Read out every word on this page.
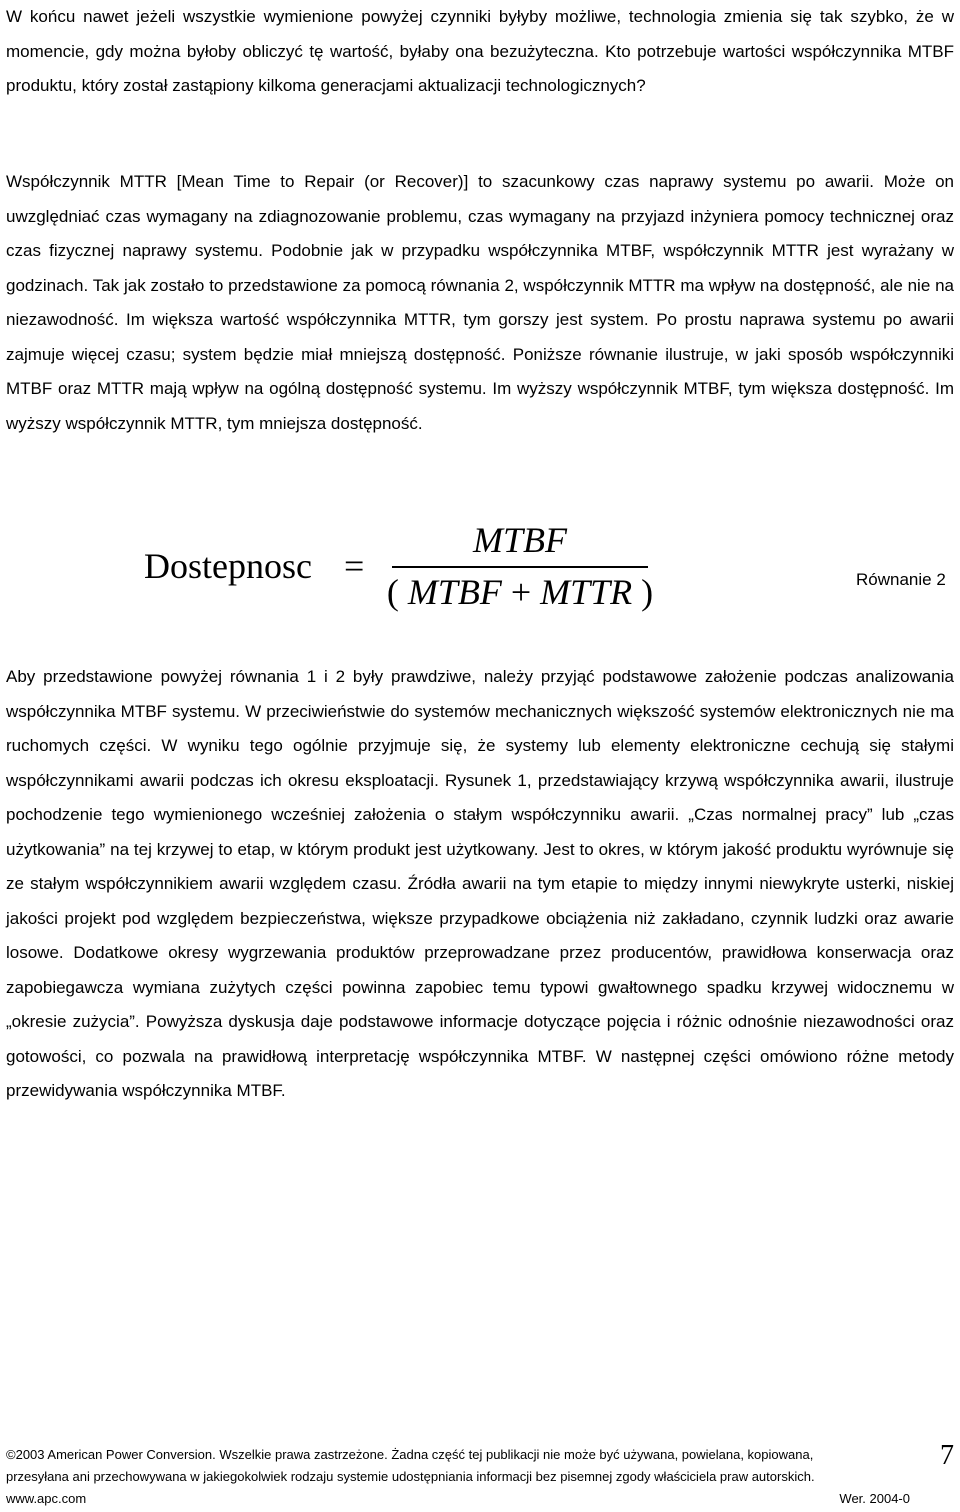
W końcu nawet jeżeli wszystkie wymienione powyżej czynniki byłyby możliwe, technologia zmienia się tak szybko, że w momencie, gdy można byłoby obliczyć tę wartość, byłaby ona bezużyteczna. Kto potrzebuje wartości współczynnika MTBF produktu, który został zastąpiony kilkoma generacjami aktualizacji technologicznych?

Współczynnik MTTR [Mean Time to Repair (or Recover)] to szacunkowy czas naprawy systemu po awarii. Może on uwzględniać czas wymagany na zdiagnozowanie problemu, czas wymagany na przyjazd inżyniera pomocy technicznej oraz czas fizycznej naprawy systemu. Podobnie jak w przypadku współczynnika MTBF, współczynnik MTTR jest wyrażany w godzinach. Tak jak zostało to przedstawione za pomocą równania 2, współczynnik MTTR ma wpływ na dostępność, ale nie na niezawodność. Im większa wartość współczynnika MTTR, tym gorszy jest system. Po prostu naprawa systemu po awarii zajmuje więcej czasu; system będzie miał mniejszą dostępność. Poniższe równanie ilustruje, w jaki sposób współczynniki MTBF oraz MTTR mają wpływ na ogólną dostępność systemu. Im wyższy współczynnik MTBF, tym większa dostępność. Im wyższy współczynnik MTTR, tym mniejsza dostępność.

Dostepnosc =
MTBF
( MTBF + MTTR )	Równanie 2

Aby przedstawione powyżej równania 1 i 2 były prawdziwe, należy przyjąć podstawowe założenie podczas analizowania współczynnika MTBF systemu. W przeciwieństwie do systemów mechanicznych większość systemów elektronicznych nie ma ruchomych części. W wyniku tego ogólnie przyjmuje się, że systemy lub elementy elektroniczne cechują się stałymi współczynnikami awarii podczas ich okresu eksploatacji. Rysunek 1, przedstawiający krzywą współczynnika awarii, ilustruje pochodzenie tego wymienionego wcześniej założenia o stałym współczynniku awarii. „Czas normalnej pracy” lub „czas użytkowania” na tej krzywej to etap, w którym produkt jest użytkowany. Jest to okres, w którym jakość produktu wyrównuje się ze stałym współczynnikiem awarii względem czasu. Źródła awarii na tym etapie to między innymi niewykryte usterki, niskiej jakości projekt pod względem bezpieczeństwa, większe przypadkowe obciążenia niż zakładano, czynnik ludzki oraz awarie losowe. Dodatkowe okresy wygrzewania produktów przeprowadzane przez producentów, prawidłowa konserwacja oraz zapobiegawcza wymiana zużytych części powinna zapobiec temu typowi gwałtownego spadku krzywej widocznemu w „okresie zużycia”. Powyższa dyskusja daje podstawowe informacje dotyczące pojęcia i różnic odnośnie niezawodności oraz gotowości, co pozwala na prawidłową interpretację współczynnika MTBF. W następnej części omówiono różne metody przewidywania współczynnika MTBF.

©2003 American Power Conversion. Wszelkie prawa zastrzeżone. Żadna część tej publikacji nie może być używana, powielana, kopiowana,
przesyłana ani przechowywana w jakiegokolwiek rodzaju systemie udostępniania informacji bez pisemnej zgody właściciela praw autorskich.
www.apc.com	Wer. 2004-0
7
